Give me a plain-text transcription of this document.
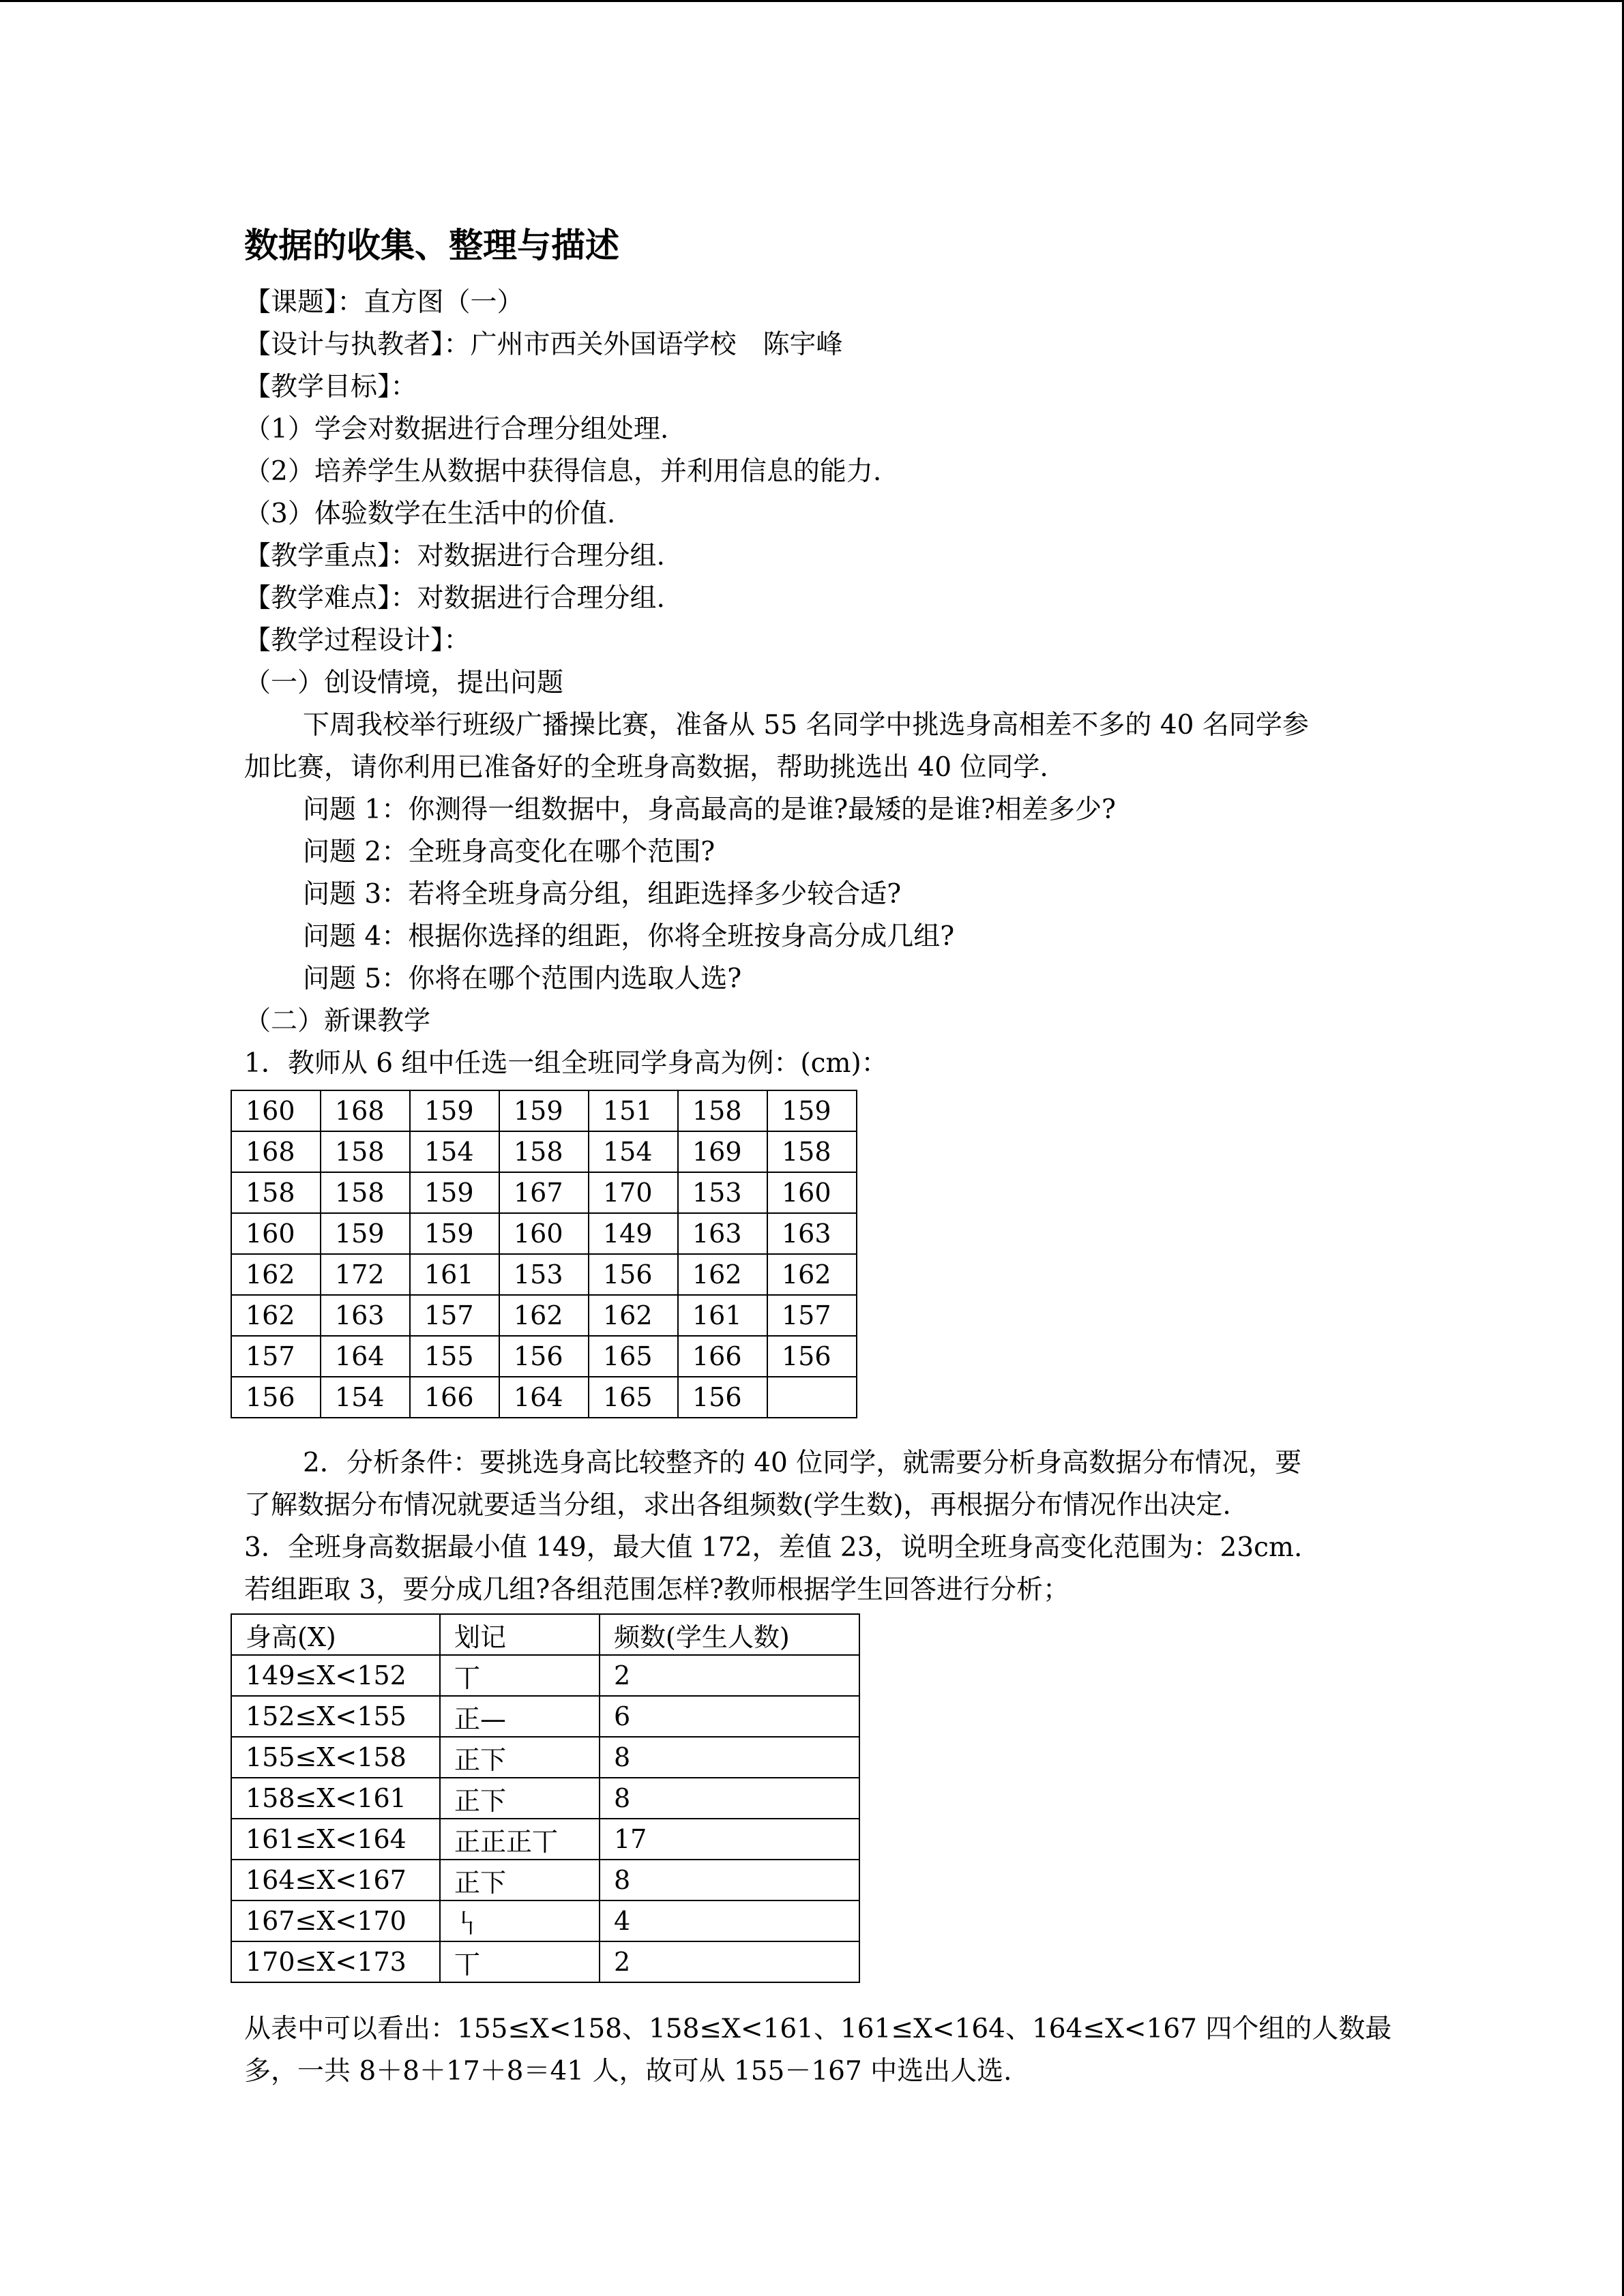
数据的收集、整理与描述
【课题】：直方图（一）
【设计与执教者】：广州市西关外国语学校　陈宇峰
【教学目标】：
（1）学会对数据进行合理分组处理.
（2）培养学生从数据中获得信息，并利用信息的能力.
（3）体验数学在生活中的价值.
【教学重点】：对数据进行合理分组.
【教学难点】：对数据进行合理分组.
【教学过程设计】：
（一）创设情境，提出问题
下周我校举行班级广播操比赛，准备从 55 名同学中挑选身高相差不多的 40 名同学参
加比赛，请你利用已准备好的全班身高数据，帮助挑选出 40 位同学.
问题 1：你测得一组数据中，身高最高的是谁?最矮的是谁?相差多少?
问题 2：全班身高变化在哪个范围?
问题 3：若将全班身高分组，组距选择多少较合适?
问题 4：根据你选择的组距，你将全班按身高分成几组?
问题 5：你将在哪个范围内选取人选?
（二）新课教学
1．教师从 6 组中任选一组全班同学身高为例：(cm)：
160	168	159	159	151	158	159
168	158	154	158	154	169	158
158	158	159	167	170	153	160
160	159	159	160	149	163	163
162	172	161	153	156	162	162
162	163	157	162	162	161	157
157	164	155	156	165	166	156
156	154	166	164	165	156	
2．分析条件：要挑选身高比较整齐的 40 位同学，就需要分析身高数据分布情况，要
了解数据分布情况就要适当分组，求出各组频数(学生数)，再根据分布情况作出决定.
3．全班身高数据最小值 149，最大值 172，差值 23，说明全班身高变化范围为：23cm.
若组距取 3，要分成几组?各组范围怎样?教师根据学生回答进行分析；
身高(X)	划记	频数(学生人数)
149≤X<152	丅	2
152≤X<155	正—	6
155≤X<158	正下	8
158≤X<161	正下	8
161≤X<164	正正正丅	17
164≤X<167	正下	8
167≤X<170	𠃑	4
170≤X<173	丅	2
从表中可以看出：155≤X<158、158≤X<161、161≤X<164、164≤X<167 四个组的人数最
多，一共 8＋8＋17＋8＝41 人，故可从 155－167 中选出人选.
